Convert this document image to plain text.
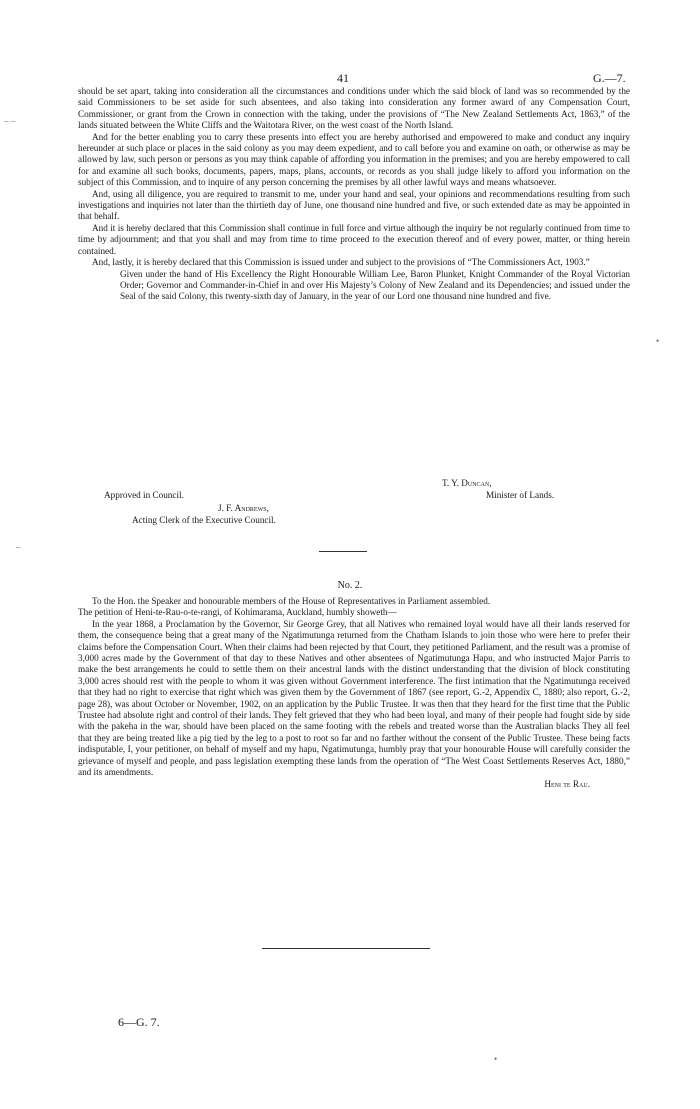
41	G.—7.
– –
•
–
•

should be set apart, taking into consideration all the circumstances and conditions under which the said block of land was so recommended by the said Commissioners to be set aside for such absentees, and also taking into consideration any former award of any Compensation Court, Commissioner, or grant from the Crown in connection with the taking, under the provisions of “The New Zealand Settlements Act, 1863,” of the lands situated between the White Cliffs and the Waitotara River, on the west coast of the North Island.

And for the better enabling you to carry these presents into effect you are hereby authorised and empowered to make and conduct any inquiry hereunder at such place or places in the said colony as you may deem expedient, and to call before you and examine on oath, or otherwise as may be allowed by law, such person or persons as you may think capable of affording you information in the premises; and you are hereby empowered to call for and examine all such books, documents, papers, maps, plans, accounts, or records as you shall judge likely to afford you information on the subject of this Commission, and to inquire of any person concerning the premises by all other lawful ways and means whatsoever.

And, using all diligence, you are required to transmit to me, under your hand and seal, your opinions and recommendations resulting from such investigations and inquiries not later than the thirtieth day of June, one thousand nine hundred and five, or such extended date as may be appointed in that behalf.

And it is hereby declared that this Commission shall continue in full force and virtue although the inquiry be not regularly continued from time to time by adjournment; and that you shall and may from time to time proceed to the execution thereof and of every power, matter, or thing herein contained.

And, lastly, it is hereby declared that this Commission is issued under and subject to the provisions of “The Commissioners Act, 1903.”

Given under the hand of His Excellency the Right Honourable William Lee, Baron Plunket, Knight Commander of the Royal Victorian Order; Governor and Commander-in-Chief in and over His Majesty’s Colony of New Zealand and its Dependencies; and issued under the Seal of the said Colony, this twenty-sixth day of January, in the year of our Lord one thousand nine hundred and five.

T. Y. Duncan,
Minister of Lands.
Approved in Council.
J. F. Andrews,
Acting Clerk of the Executive Council.
No. 2.

To the Hon. the Speaker and honourable members of the House of Representatives in Parliament assembled.

The petition of Heni-te-Rau-o-te-rangi, of Kohimarama, Auckland, humbly showeth—

In the year 1868, a Proclamation by the Governor, Sir George Grey, that all Natives who remained loyal would have all their lands reserved for them, the consequence being that a great many of the Ngatimutunga returned from the Chatham Islands to join those who were here to prefer their claims before the Compensation Court. When their claims had been rejected by that Court, they petitioned Parliament, and the result was a promise of 3,000 acres made by the Government of that day to these Natives and other absentees of Ngatimutunga Hapu, and who instructed Major Parris to make the best arrangements he could to settle them on their ancestral lands with the distinct understanding that the division of block constituting 3,000 acres should rest with the people to whom it was given without Government interference. The first intimation that the Ngatimutunga received that they had no right to exercise that right which was given them by the Government of 1867 (see report, G.-2, Appendix C, 1880; also report, G.-2, page 28), was about October or November, 1902, on an application by the Public Trustee. It was then that they heard for the first time that the Public Trustee had absolute right and control of their lands. They felt grieved that they who had been loyal, and many of their people had fought side by side with the pakeha in the war, should have been placed on the same footing with the rebels and treated worse than the Australian blacks They all feel that they are being treated like a pig tied by the leg to a post to root so far and no farther without the consent of the Public Trustee. These being facts indisputable, I, your petitioner, on behalf of myself and my hapu, Ngatimutunga, humbly pray that your honourable House will carefully consider the grievance of myself and people, and pass legislation exempting these lands from the operation of “The West Coast Settlements Reserves Act, 1880,” and its amendments.

Heni te Rau.

6—G. 7.
